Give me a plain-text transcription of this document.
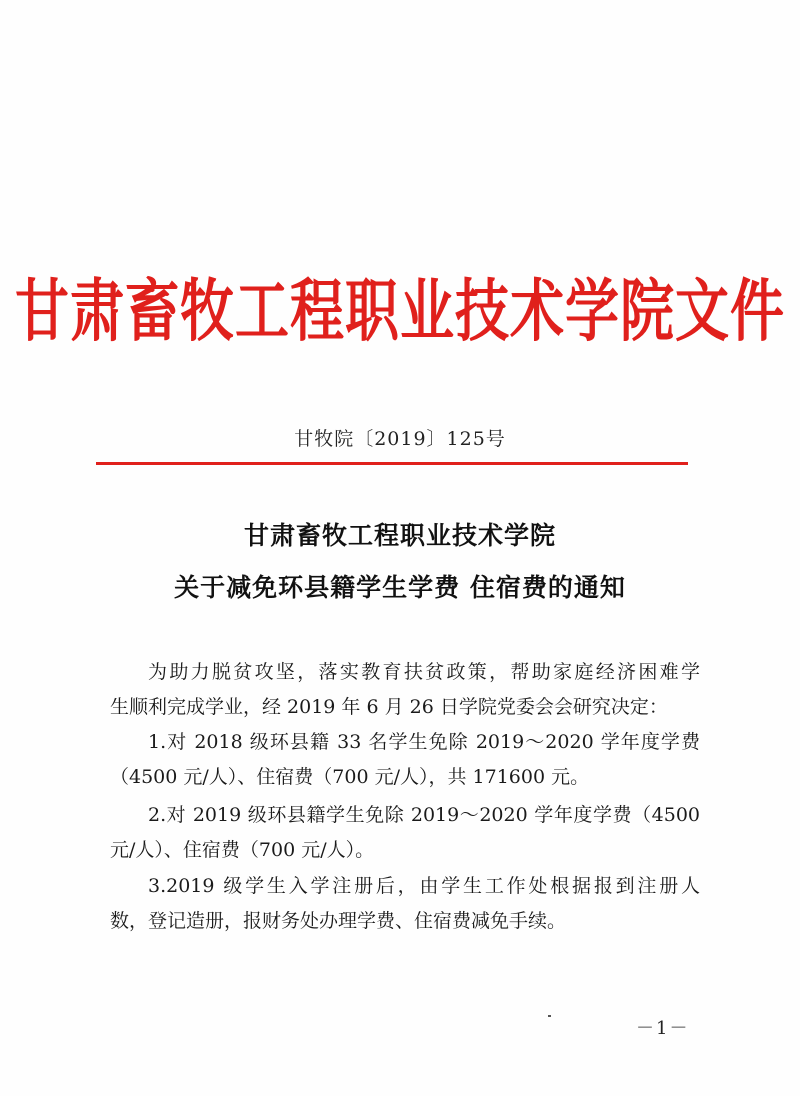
甘肃畜牧工程职业技术学院文件
甘牧院〔2019〕125号
甘肃畜牧工程职业技术学院
关于减免环县籍学生学费 住宿费的通知
为助力脱贫攻坚，落实教育扶贫政策，帮助家庭经济困难学
生顺利完成学业，经 2019 年 6 月 26 日学院党委会会研究决定：
1.对 2018 级环县籍 33 名学生免除 2019～2020 学年度学费
（4500 元/人）、住宿费（700 元/人），共 171600 元。
2.对 2019 级环县籍学生免除 2019～2020 学年度学费（4500
元/人）、住宿费（700 元/人）。
3.2019 级学生入学注册后，由学生工作处根据报到注册人
数，登记造册，报财务处办理学费、住宿费减免手续。
－1－
